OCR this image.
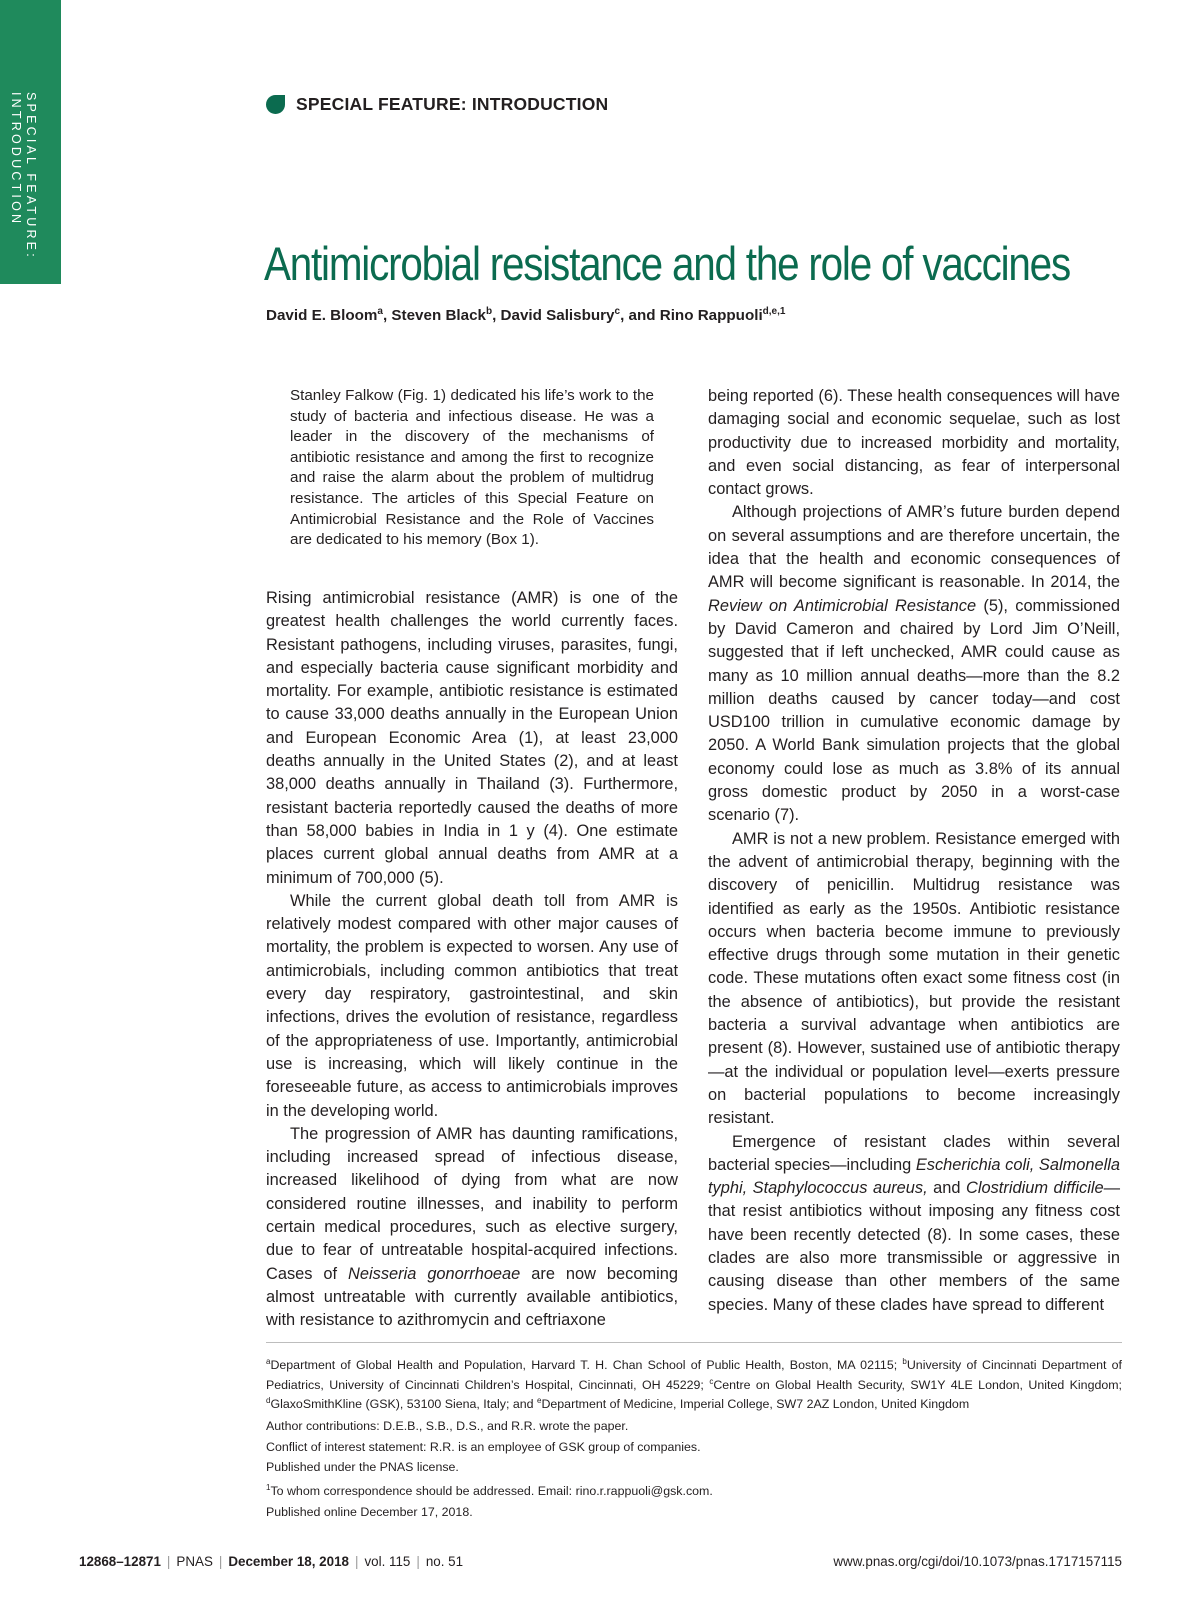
SPECIAL FEATURE:
INTRODUCTION	SPECIAL FEATURE: INTRODUCTION
Antimicrobial resistance and the role of vaccines
David E. Bloom$^a$, Steven Black$^b$, David Salisbury$^c$, and Rino Rappuoli$^{d,e,1}$
Stanley Falkow (Fig. 1) dedicated his life’s work to the study of bacteria and infectious disease. He was a leader in the discovery of the mechanisms of antibiotic resistance and among the first to recognize and raise the alarm about the problem of multidrug resistance. The articles of this Special Feature on Antimicrobial Resistance and the Role of Vaccines are dedicated to his memory (Box 1).

Rising antimicrobial resistance (AMR) is one of the greatest health challenges the world currently faces. Resistant pathogens, including viruses, parasites, fungi, and especially bacteria cause significant morbidity and mortality. For example, antibiotic resistance is estimated to cause 33,000 deaths annually in the European Union and European Economic Area (1), at least 23,000 deaths annually in the United States (2), and at least 38,000 deaths annually in Thailand (3). Furthermore, resistant bacteria reportedly caused the deaths of more than 58,000 babies in India in 1 y (4). One estimate places current global annual deaths from AMR at a minimum of 700,000 (5).

While the current global death toll from AMR is relatively modest compared with other major causes of mortality, the problem is expected to worsen. Any use of antimicrobials, including common antibiotics that treat every day respiratory, gastrointestinal, and skin infections, drives the evolution of resistance, regardless of the appropriateness of use. Importantly, antimicrobial use is increasing, which will likely continue in the foreseeable future, as access to antimicrobials improves in the developing world.

The progression of AMR has daunting ramifications, including increased spread of infectious disease, increased likelihood of dying from what are now considered routine illnesses, and inability to perform certain medical procedures, such as elective surgery, due to fear of untreatable hospital-acquired infections. Cases of Neisseria gonorrhoeae are now becoming almost untreatable with currently available antibiotics, with resistance to azithromycin and ceftriaxone

being reported (6). These health consequences will have damaging social and economic sequelae, such as lost productivity due to increased morbidity and mortality, and even social distancing, as fear of interpersonal contact grows.

Although projections of AMR’s future burden depend on several assumptions and are therefore uncertain, the idea that the health and economic consequences of AMR will become significant is reasonable. In 2014, the Review on Antimicrobial Resistance (5), commissioned by David Cameron and chaired by Lord Jim O’Neill, suggested that if left unchecked, AMR could cause as many as 10 million annual deaths—more than the 8.2 million deaths caused by cancer today—and cost USD100 trillion in cumulative economic damage by 2050. A World Bank simulation projects that the global economy could lose as much as 3.8% of its annual gross domestic product by 2050 in a worst-case scenario (7).

AMR is not a new problem. Resistance emerged with the advent of antimicrobial therapy, beginning with the discovery of penicillin. Multidrug resistance was identified as early as the 1950s. Antibiotic resistance occurs when bacteria become immune to previously effective drugs through some mutation in their genetic code. These mutations often exact some fitness cost (in the absence of antibiotics), but provide the resistant bacteria a survival advantage when antibiotics are present (8). However, sustained use of antibiotic therapy—at the individual or population level—exerts pressure on bacterial populations to become increasingly resistant.

Emergence of resistant clades within several bacterial species—including Escherichia coli, Salmonella typhi, Staphylococcus aureus, and Clostridium difficile—that resist antibiotics without imposing any fitness cost have been recently detected (8). In some cases, these clades are also more transmissible or aggressive in causing disease than other members of the same species. Many of these clades have spread to different

$^a$Department of Global Health and Population, Harvard T. H. Chan School of Public Health, Boston, MA 02115; $^b$University of Cincinnati Department of Pediatrics, University of Cincinnati Children’s Hospital, Cincinnati, OH 45229; $^c$Centre on Global Health Security, SW1Y 4LE London, United Kingdom; $^d$GlaxoSmithKline (GSK), 53100 Siena, Italy; and $^e$Department of Medicine, Imperial College, SW7 2AZ London, United Kingdom

Author contributions: D.E.B., S.B., D.S., and R.R. wrote the paper.

Conflict of interest statement: R.R. is an employee of GSK group of companies.

Published under the PNAS license.

$^1$To whom correspondence should be addressed. Email: rino.r.rappuoli@gsk.com.

Published online December 17, 2018.

12868–12871 | PNAS | December 18, 2018 | vol. 115 | no. 51	www.pnas.org/cgi/doi/10.1073/pnas.1717157115
